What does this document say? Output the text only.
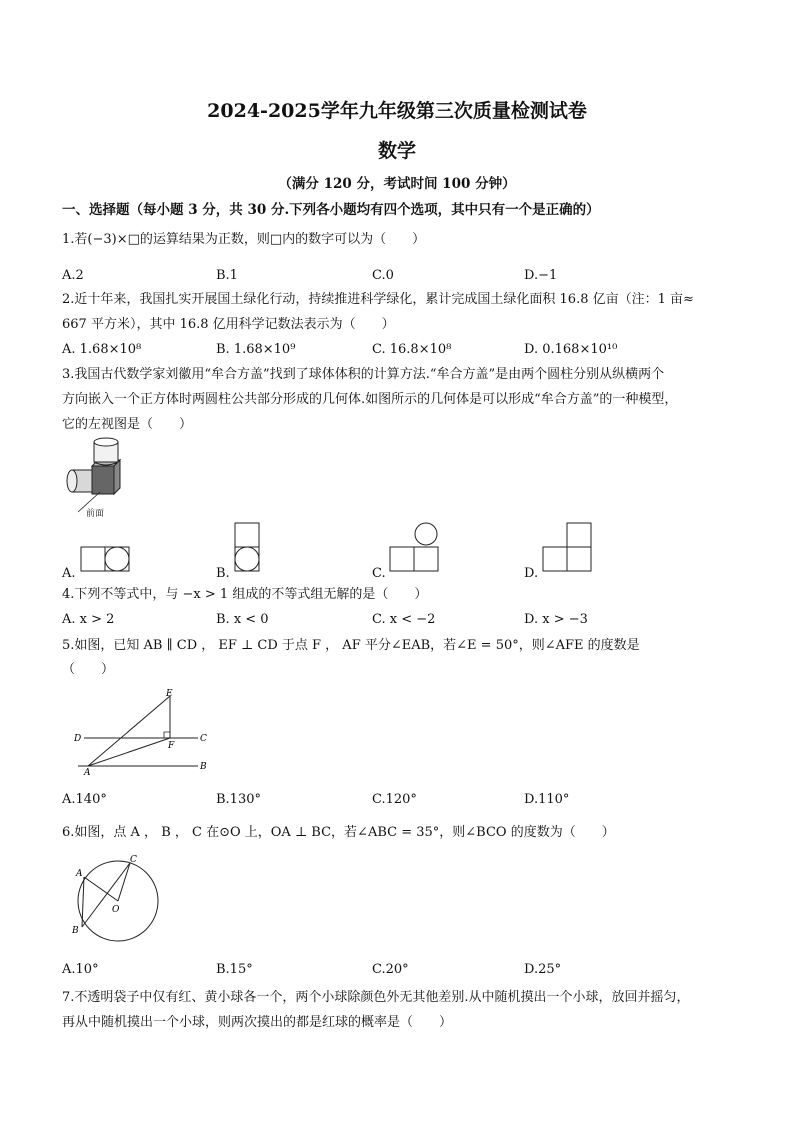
2024-2025学年九年级第三次质量检测试卷
数学
（满分 120 分，考试时间 100 分钟）
一、选择题（每小题 3 分，共 30 分.下列各小题均有四个选项，其中只有一个是正确的）
1.若(−3)×□的运算结果为正数，则□内的数字可以为（　　）
A.2	B.1	C.0	D.−1
2.近十年来，我国扎实开展国土绿化行动，持续推进科学绿化，累计完成国土绿化面积 16.8 亿亩（注：1 亩≈
667 平方米），其中 16.8 亿用科学记数法表示为（　　）
A. 1.68×10⁸	B. 1.68×10⁹	C. 16.8×10⁸	D. 0.168×10¹⁰
3.我国古代数学家刘徽用“牟合方盖”找到了球体体积的计算方法.“牟合方盖”是由两个圆柱分别从纵横两个
方向嵌入一个正方体时两圆柱公共部分形成的几何体.如图所示的几何体是可以形成“牟合方盖”的一种模型，
它的左视图是（　　）
前面
A.	B.	C.	D.
4.下列不等式中，与 −x > 1 组成的不等式组无解的是（　　）
A. x > 2	B. x < 0	C. x < −2	D. x > −3
5.如图，已知 AB ∥ CD ， EF ⊥ CD 于点 F ， AF 平分∠EAB，若∠E = 50°，则∠AFE 的度数是
（　　）
E
D
F
C
A
B
A.140°	B.130°	C.120°	D.110°
6.如图，点 A ， B ， C 在⊙O 上，OA ⊥ BC，若∠ABC = 35°，则∠BCO 的度数为（　　）
A
C
O
B
A.10°	B.15°	C.20°	D.25°
7.不透明袋子中仅有红、黄小球各一个，两个小球除颜色外无其他差别.从中随机摸出一个小球，放回并摇匀，
再从中随机摸出一个小球，则两次摸出的都是红球的概率是（　　）
